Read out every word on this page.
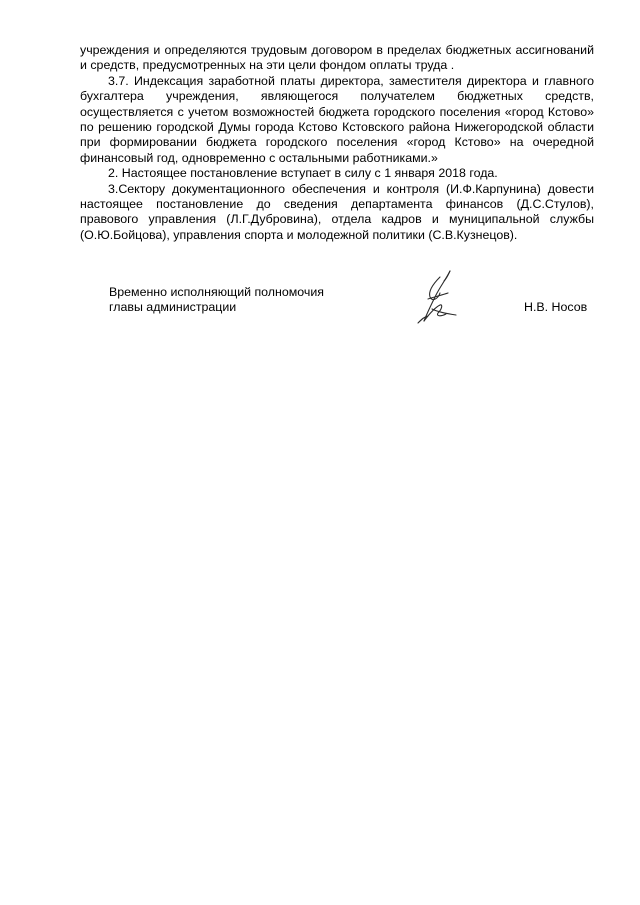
учреждения и определяются трудовым договором в пределах бюджетных ассигнований и средств, предусмотренных на эти цели фондом оплаты труда .

3.7. Индексация заработной платы директора, заместителя директора и главного бухгалтера учреждения, являющегося получателем бюджетных средств, осуществляется с учетом возможностей бюджета городского поселения «город Кстово» по решению городской Думы города Кстово Кстовского района Нижегородской области при формировании бюджета городского поселения «город Кстово» на очередной финансовый год, одновременно с остальными работниками.»

2. Настоящее постановление вступает в силу с 1 января 2018 года.

3.Сектору документационного обеспечения и контроля (И.Ф.Карпунина) довести настоящее постановление до сведения департамента финансов (Д.С.Стулов), правового управления (Л.Г.Дубровина), отдела кадров и муниципальной службы (О.Ю.Бойцова), управления спорта и молодежной политики (С.В.Кузнецов).

Временно исполняющий полномочия
главы администрации	Н.В. Носов
